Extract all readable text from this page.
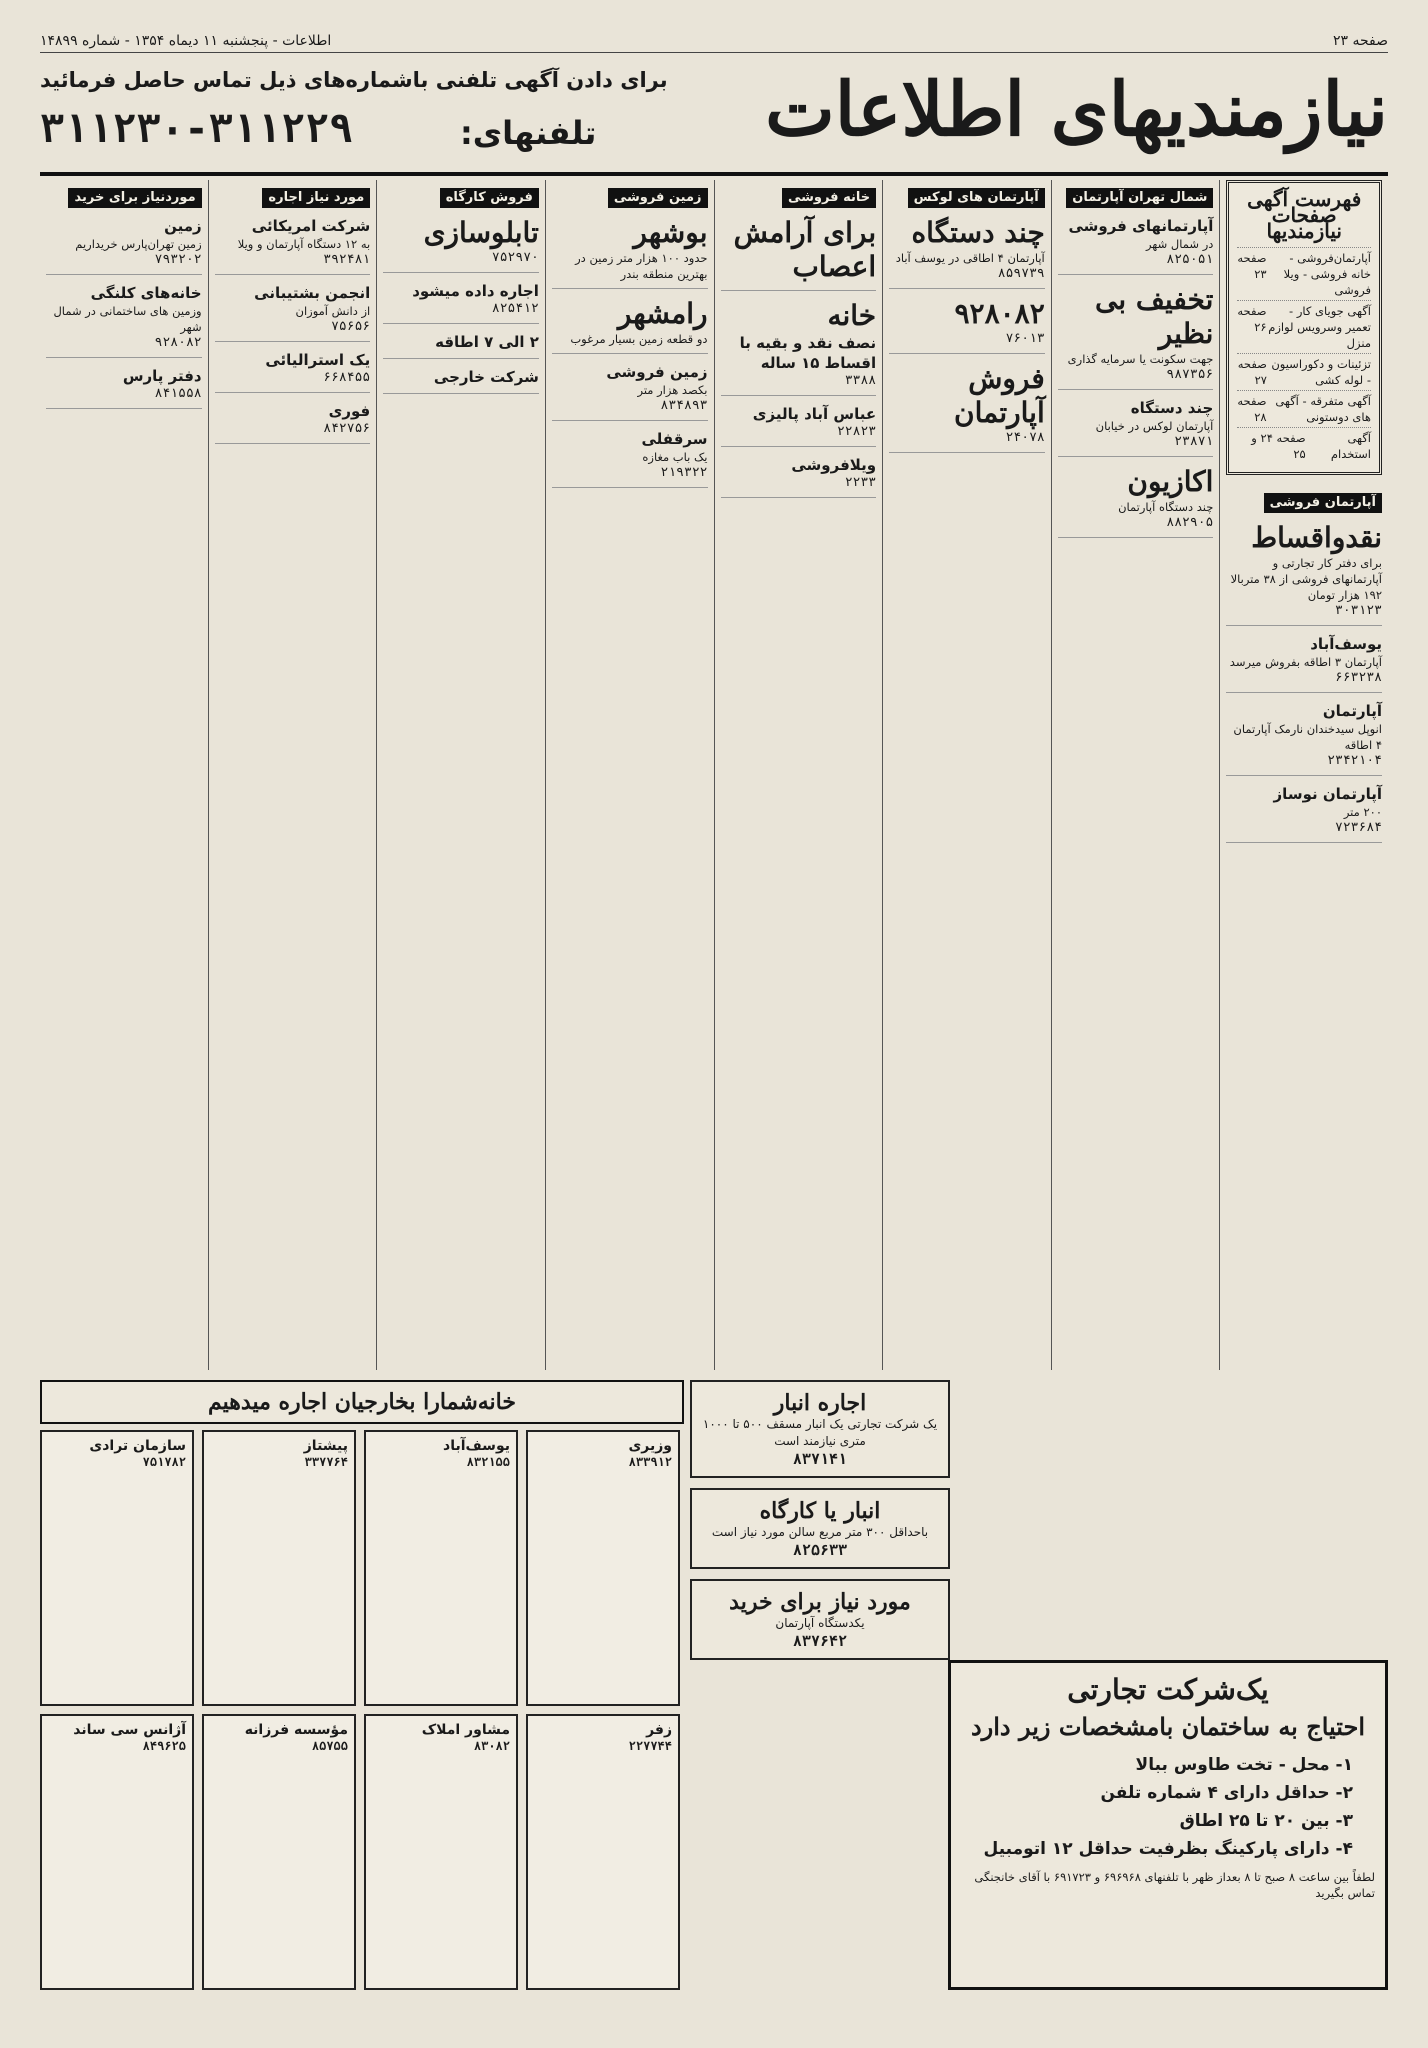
صفحه ۲۳
اطلاعات - پنجشنبه ۱۱ دیماه ۱۳۵۴ - شماره ۱۴۸۹۹
نیازمندیهای اطلاعات
برای دادن آگهی تلفنی باشماره‌های ذیل تماس حاصل فرمائید
تلفنهای:
۳۱۱۲۳۰-۳۱۱۲۲۹
فهرست آگهی صفحات نیازمندیها
آپارتمان‌فروشی - خانه فروشی - ویلا فروشی
صفحه ۲۳
آگهی جویای کار - تعمیر وسرویس لوازم منزل
صفحه ۲۶
تزئینات و دکوراسیون - لوله کشی
صفحه ۲۷
آگهی متفرقه - آگهی های دوستونی
صفحه ۲۸
آگهی استخدام
صفحه ۲۴ و ۲۵
آپارتمان فروشی
نقدواقساط
برای دفتر کار تجارتی و آپارتمانهای فروشی از ۳۸ متربالا ۱۹۲ هزار تومان
۳۰۳۱۲۳
یوسف‌آباد
آپارتمان ۳ اطاقه بفروش میرسد
۶۶۳۲۳۸
آپارتمان
انوپل سیدخندان نارمک آپارتمان ۴ اطاقه
۲۳۴۲۱۰۴
آپارتمان نوساز
۲۰۰ متر
۷۲۳۶۸۴
شمال تهران آپارتمان
آپارتمانهای فروشی
در شمال شهر
۸۲۵۰۵۱
تخفیف بی نظیر
جهت سکونت یا سرمایه گذاری
۹۸۷۳۵۶
چند دستگاه
آپارتمان لوکس در خیابان
۲۳۸۷۱
اکازیون
چند دستگاه آپارتمان
۸۸۲۹۰۵
آپارتمان های لوکس
چند دستگاه
آپارتمان ۴ اطاقی در یوسف آباد
۸۵۹۷۳۹
۹۲۸۰۸۲
۷۶۰۱۳
فروش آپارتمان
۲۴۰۷۸
خانه فروشی
برای آرامش
اعصاب
خانه
نصف نقد و بقیه با اقساط ۱۵ ساله
۳۳۸۸
عباس آباد پالیزی
۲۲۸۲۳
ویلافروشی
۲۲۳۳
زمین فروشی
بوشهر
حدود ۱۰۰ هزار متر زمین در بهترین منطقه بندر
رامشهر
دو قطعه زمین بسیار مرغوب
زمین فروشی
بکصد هزار متر
۸۳۴۸۹۳
سرقفلی
یک باب مغازه
۲۱۹۳۲۲
فروش کارگاه
تابلوسازی
۷۵۲۹۷۰
اجاره داده میشود
۸۲۵۴۱۲
۲ الی ۷ اطاقه
شرکت خارجی
مورد نیاز اجاره
شرکت امریکائی
به ۱۲ دستگاه آپارتمان و ویلا
۳۹۲۴۸۱
انجمن بشتیبانی
از دانش آموزان
۷۵۶۵۶
یک استرالیائی
۶۶۸۴۵۵
فوری
۸۴۲۷۵۶
موردنیاز برای خرید
زمین
زمین تهران‌پارس خریداریم
۷۹۳۲۰۲
خانه‌های کلنگی
وزمین های ساختمانی در شمال شهر
۹۲۸۰۸۲
دفتر پارس
۸۴۱۵۵۸
خانه‌شمارا بخارجیان اجاره میدهیم
وزیری
۸۳۳۹۱۲
یوسف‌آباد
۸۳۲۱۵۵
پیشتاز
۳۳۷۷۶۴
سازمان ترادی
۷۵۱۷۸۲
زفر
۲۲۷۷۴۴
مشاور املاک
۸۳۰۸۲
مؤسسه فرزانه
۸۵۷۵۵
آژانس سی ساند
۸۴۹۶۲۵
اجاره انبار
یک شرکت تجارتی یک انبار مسقف ۵۰۰ تا ۱۰۰۰ متری نیازمند است
۸۳۷۱۴۱
انبار یا کارگاه
باحداقل ۳۰۰ متر مربع سالن مورد نیاز است
۸۲۵۶۳۳
مورد نیاز برای خرید
یکدستگاه آپارتمان
۸۳۷۶۴۲
یک‌شرکت تجارتی
احتیاج به ساختمان بامشخصات زیر دارد
۱- محل - تخت طاوس ببالا
۲- حداقل دارای ۴ شماره تلفن
۳- بین ۲۰ تا ۲۵ اطاق
۴- دارای پارکینگ بظرفیت حداقل ۱۲ اتومبیل
لطفاً بین ساعت ۸ صبح تا ۸ بعداز ظهر با تلفنهای ۶۹۶۹۶۸ و ۶۹۱۷۲۳ با آقای خانجنگی تماس بگیرید
